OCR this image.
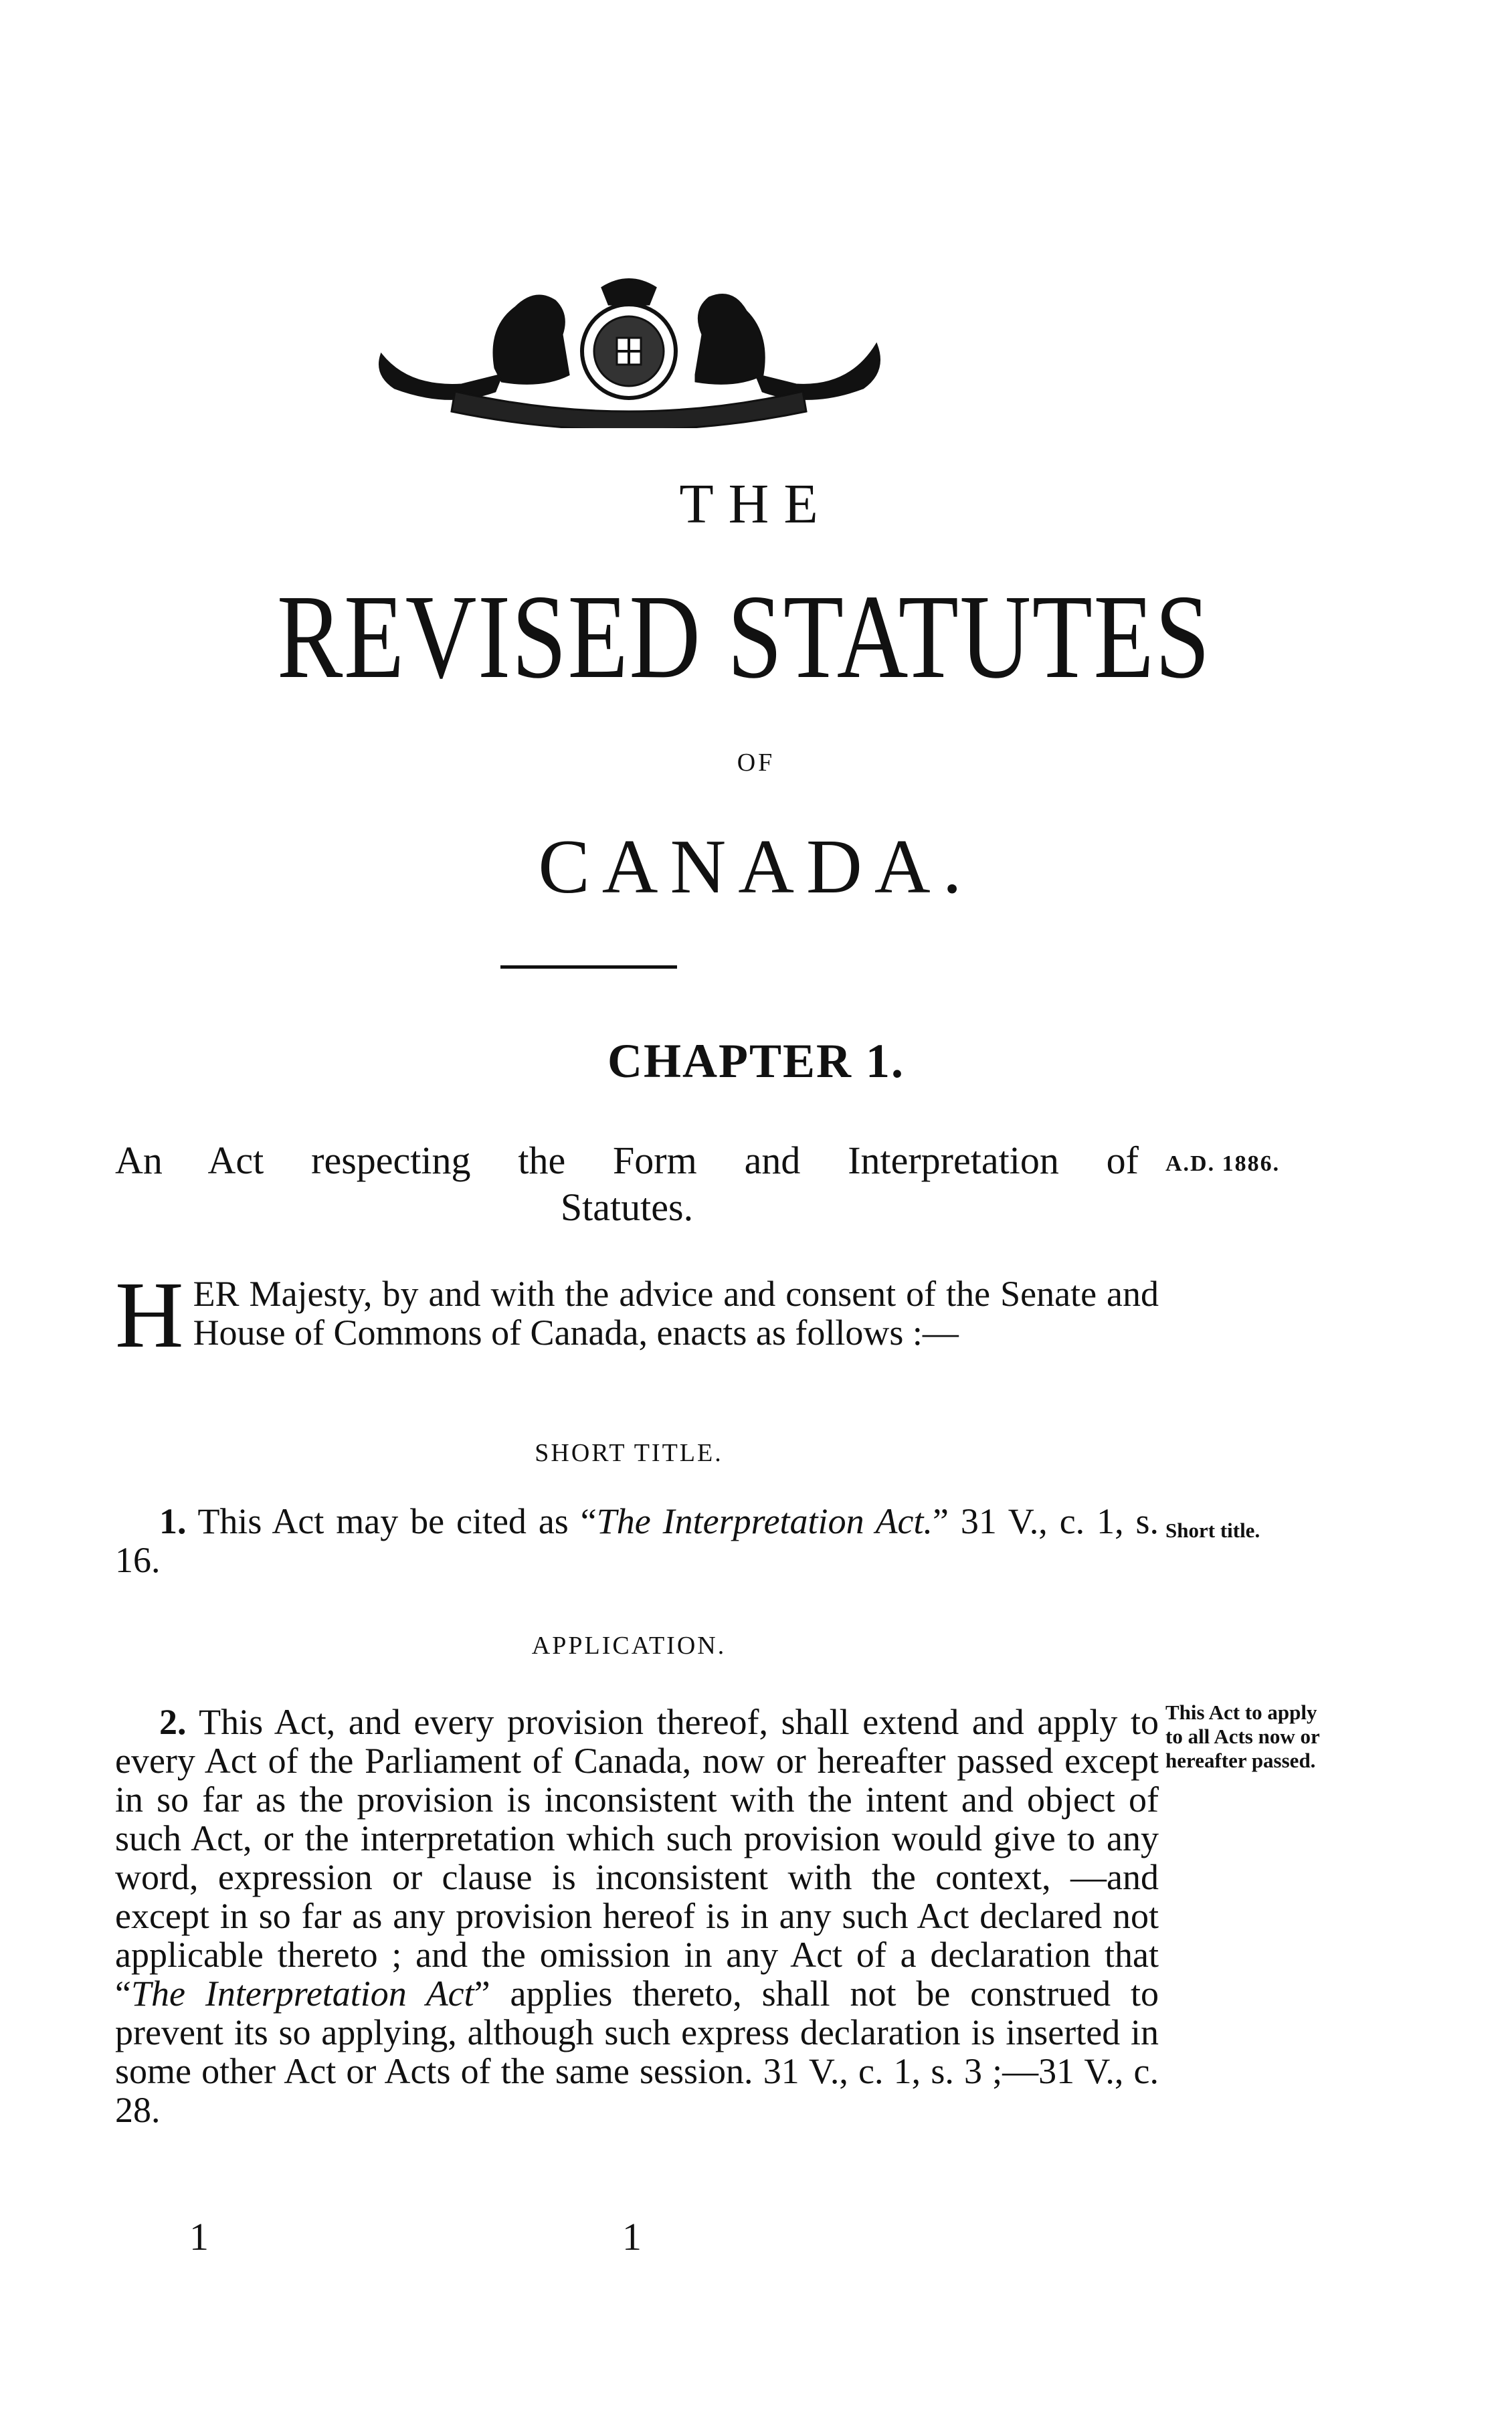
THE
REVISED STATUTES
OF
CANADA.
CHAPTER 1.
An Act respecting the Form and Interpretation of
Statutes.
A.D. 1886.
HER Majesty, by and with the advice and consent of the Senate and House of Commons of Canada, enacts as follows :—
SHORT TITLE.
1. This Act may be cited as “The Interpretation Act.” 31 V., c. 1, s. 16.
Short title.
APPLICATION.
2. This Act, and every provision thereof, shall extend and apply to every Act of the Parliament of Canada, now or hereafter passed except in so far as the provision is inconsistent with the intent and object of such Act, or the interpretation which such provision would give to any word, expression or clause is inconsistent with the context, —and except in so far as any provision hereof is in any such Act declared not applicable thereto ; and the omission in any Act of a declaration that “The Interpretation Act” applies thereto, shall not be construed to prevent its so applying, although such express declaration is inserted in some other Act or Acts of the same session. 31 V., c. 1, s. 3 ;—31 V., c. 28.
This Act to apply to all Acts now or hereafter passed.
1	1
